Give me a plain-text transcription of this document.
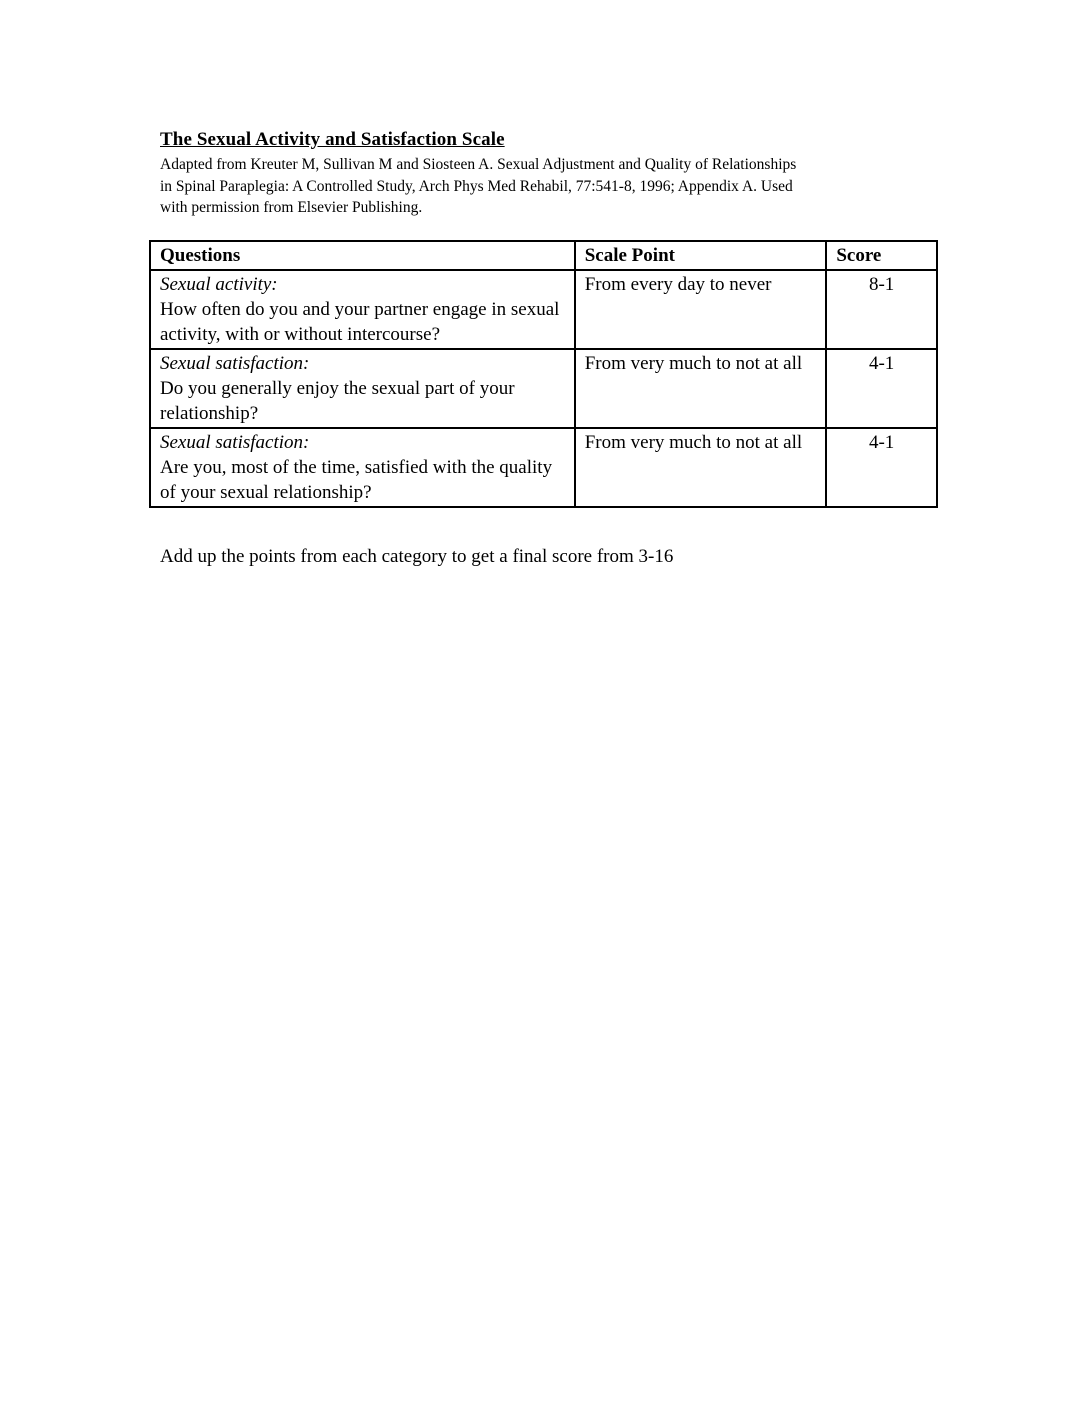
The Sexual Activity and Satisfaction Scale
Adapted from Kreuter M, Sullivan M and Siosteen A. Sexual Adjustment and Quality of Relationships
in Spinal Paraplegia: A Controlled Study, Arch Phys Med Rehabil, 77:541-8, 1996; Appendix A. Used
with permission from Elsevier Publishing.
Questions	Scale Point	Score

Sexual activity:
How often do you and your partner engage in sexual activity, with or without intercourse?	From every day to never	8-1

Sexual satisfaction:
Do you generally enjoy the sexual part of your relationship?	From very much to not at all	4-1

Sexual satisfaction:
Are you, most of the time, satisfied with the quality of your sexual relationship?	From very much to not at all	4-1
Add up the points from each category to get a final score from 3-16
